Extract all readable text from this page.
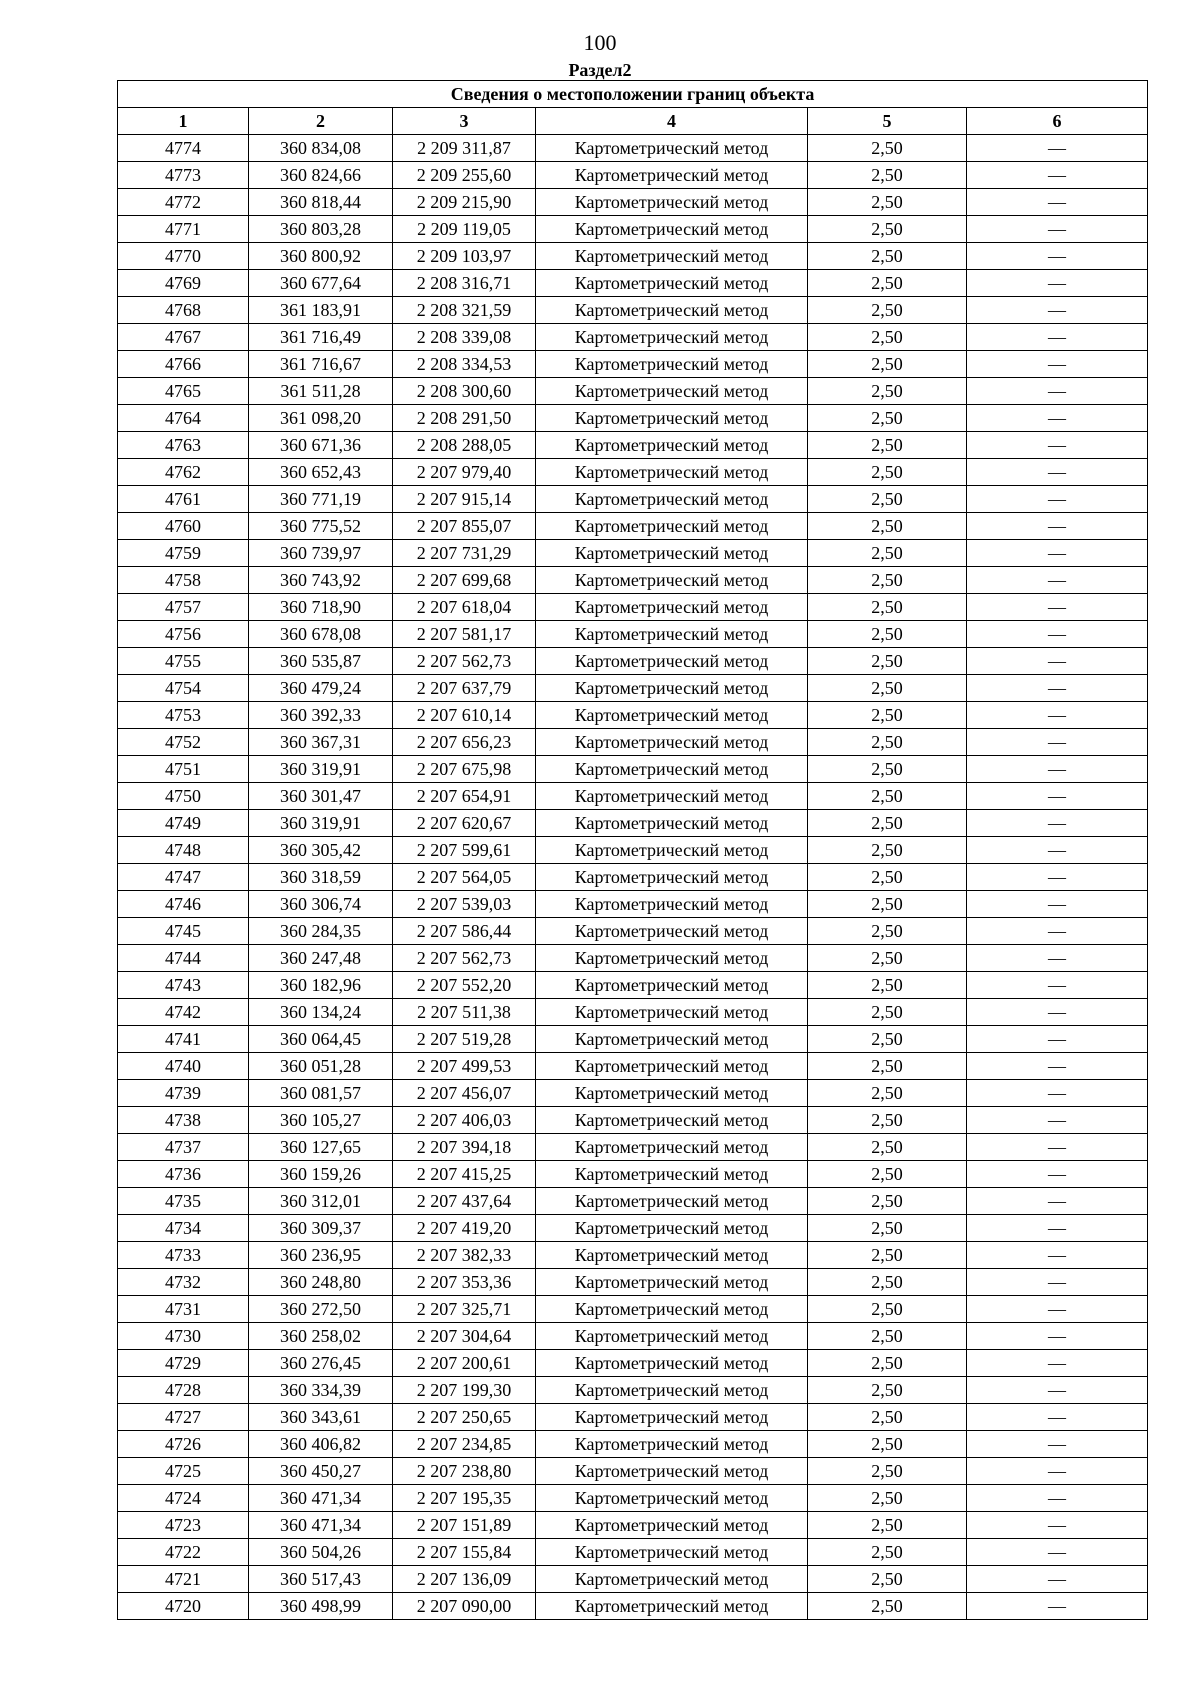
100
Раздел2
Сведения о местоположении границ объекта					
1	2	3	4	5	6
4774	360 834,08	2 209 311,87	Картометрический метод	2,50	—
4773	360 824,66	2 209 255,60	Картометрический метод	2,50	—
4772	360 818,44	2 209 215,90	Картометрический метод	2,50	—
4771	360 803,28	2 209 119,05	Картометрический метод	2,50	—
4770	360 800,92	2 209 103,97	Картометрический метод	2,50	—
4769	360 677,64	2 208 316,71	Картометрический метод	2,50	—
4768	361 183,91	2 208 321,59	Картометрический метод	2,50	—
4767	361 716,49	2 208 339,08	Картометрический метод	2,50	—
4766	361 716,67	2 208 334,53	Картометрический метод	2,50	—
4765	361 511,28	2 208 300,60	Картометрический метод	2,50	—
4764	361 098,20	2 208 291,50	Картометрический метод	2,50	—
4763	360 671,36	2 208 288,05	Картометрический метод	2,50	—
4762	360 652,43	2 207 979,40	Картометрический метод	2,50	—
4761	360 771,19	2 207 915,14	Картометрический метод	2,50	—
4760	360 775,52	2 207 855,07	Картометрический метод	2,50	—
4759	360 739,97	2 207 731,29	Картометрический метод	2,50	—
4758	360 743,92	2 207 699,68	Картометрический метод	2,50	—
4757	360 718,90	2 207 618,04	Картометрический метод	2,50	—
4756	360 678,08	2 207 581,17	Картометрический метод	2,50	—
4755	360 535,87	2 207 562,73	Картометрический метод	2,50	—
4754	360 479,24	2 207 637,79	Картометрический метод	2,50	—
4753	360 392,33	2 207 610,14	Картометрический метод	2,50	—
4752	360 367,31	2 207 656,23	Картометрический метод	2,50	—
4751	360 319,91	2 207 675,98	Картометрический метод	2,50	—
4750	360 301,47	2 207 654,91	Картометрический метод	2,50	—
4749	360 319,91	2 207 620,67	Картометрический метод	2,50	—
4748	360 305,42	2 207 599,61	Картометрический метод	2,50	—
4747	360 318,59	2 207 564,05	Картометрический метод	2,50	—
4746	360 306,74	2 207 539,03	Картометрический метод	2,50	—
4745	360 284,35	2 207 586,44	Картометрический метод	2,50	—
4744	360 247,48	2 207 562,73	Картометрический метод	2,50	—
4743	360 182,96	2 207 552,20	Картометрический метод	2,50	—
4742	360 134,24	2 207 511,38	Картометрический метод	2,50	—
4741	360 064,45	2 207 519,28	Картометрический метод	2,50	—
4740	360 051,28	2 207 499,53	Картометрический метод	2,50	—
4739	360 081,57	2 207 456,07	Картометрический метод	2,50	—
4738	360 105,27	2 207 406,03	Картометрический метод	2,50	—
4737	360 127,65	2 207 394,18	Картометрический метод	2,50	—
4736	360 159,26	2 207 415,25	Картометрический метод	2,50	—
4735	360 312,01	2 207 437,64	Картометрический метод	2,50	—
4734	360 309,37	2 207 419,20	Картометрический метод	2,50	—
4733	360 236,95	2 207 382,33	Картометрический метод	2,50	—
4732	360 248,80	2 207 353,36	Картометрический метод	2,50	—
4731	360 272,50	2 207 325,71	Картометрический метод	2,50	—
4730	360 258,02	2 207 304,64	Картометрический метод	2,50	—
4729	360 276,45	2 207 200,61	Картометрический метод	2,50	—
4728	360 334,39	2 207 199,30	Картометрический метод	2,50	—
4727	360 343,61	2 207 250,65	Картометрический метод	2,50	—
4726	360 406,82	2 207 234,85	Картометрический метод	2,50	—
4725	360 450,27	2 207 238,80	Картометрический метод	2,50	—
4724	360 471,34	2 207 195,35	Картометрический метод	2,50	—
4723	360 471,34	2 207 151,89	Картометрический метод	2,50	—
4722	360 504,26	2 207 155,84	Картометрический метод	2,50	—
4721	360 517,43	2 207 136,09	Картометрический метод	2,50	—
4720	360 498,99	2 207 090,00	Картометрический метод	2,50	—
